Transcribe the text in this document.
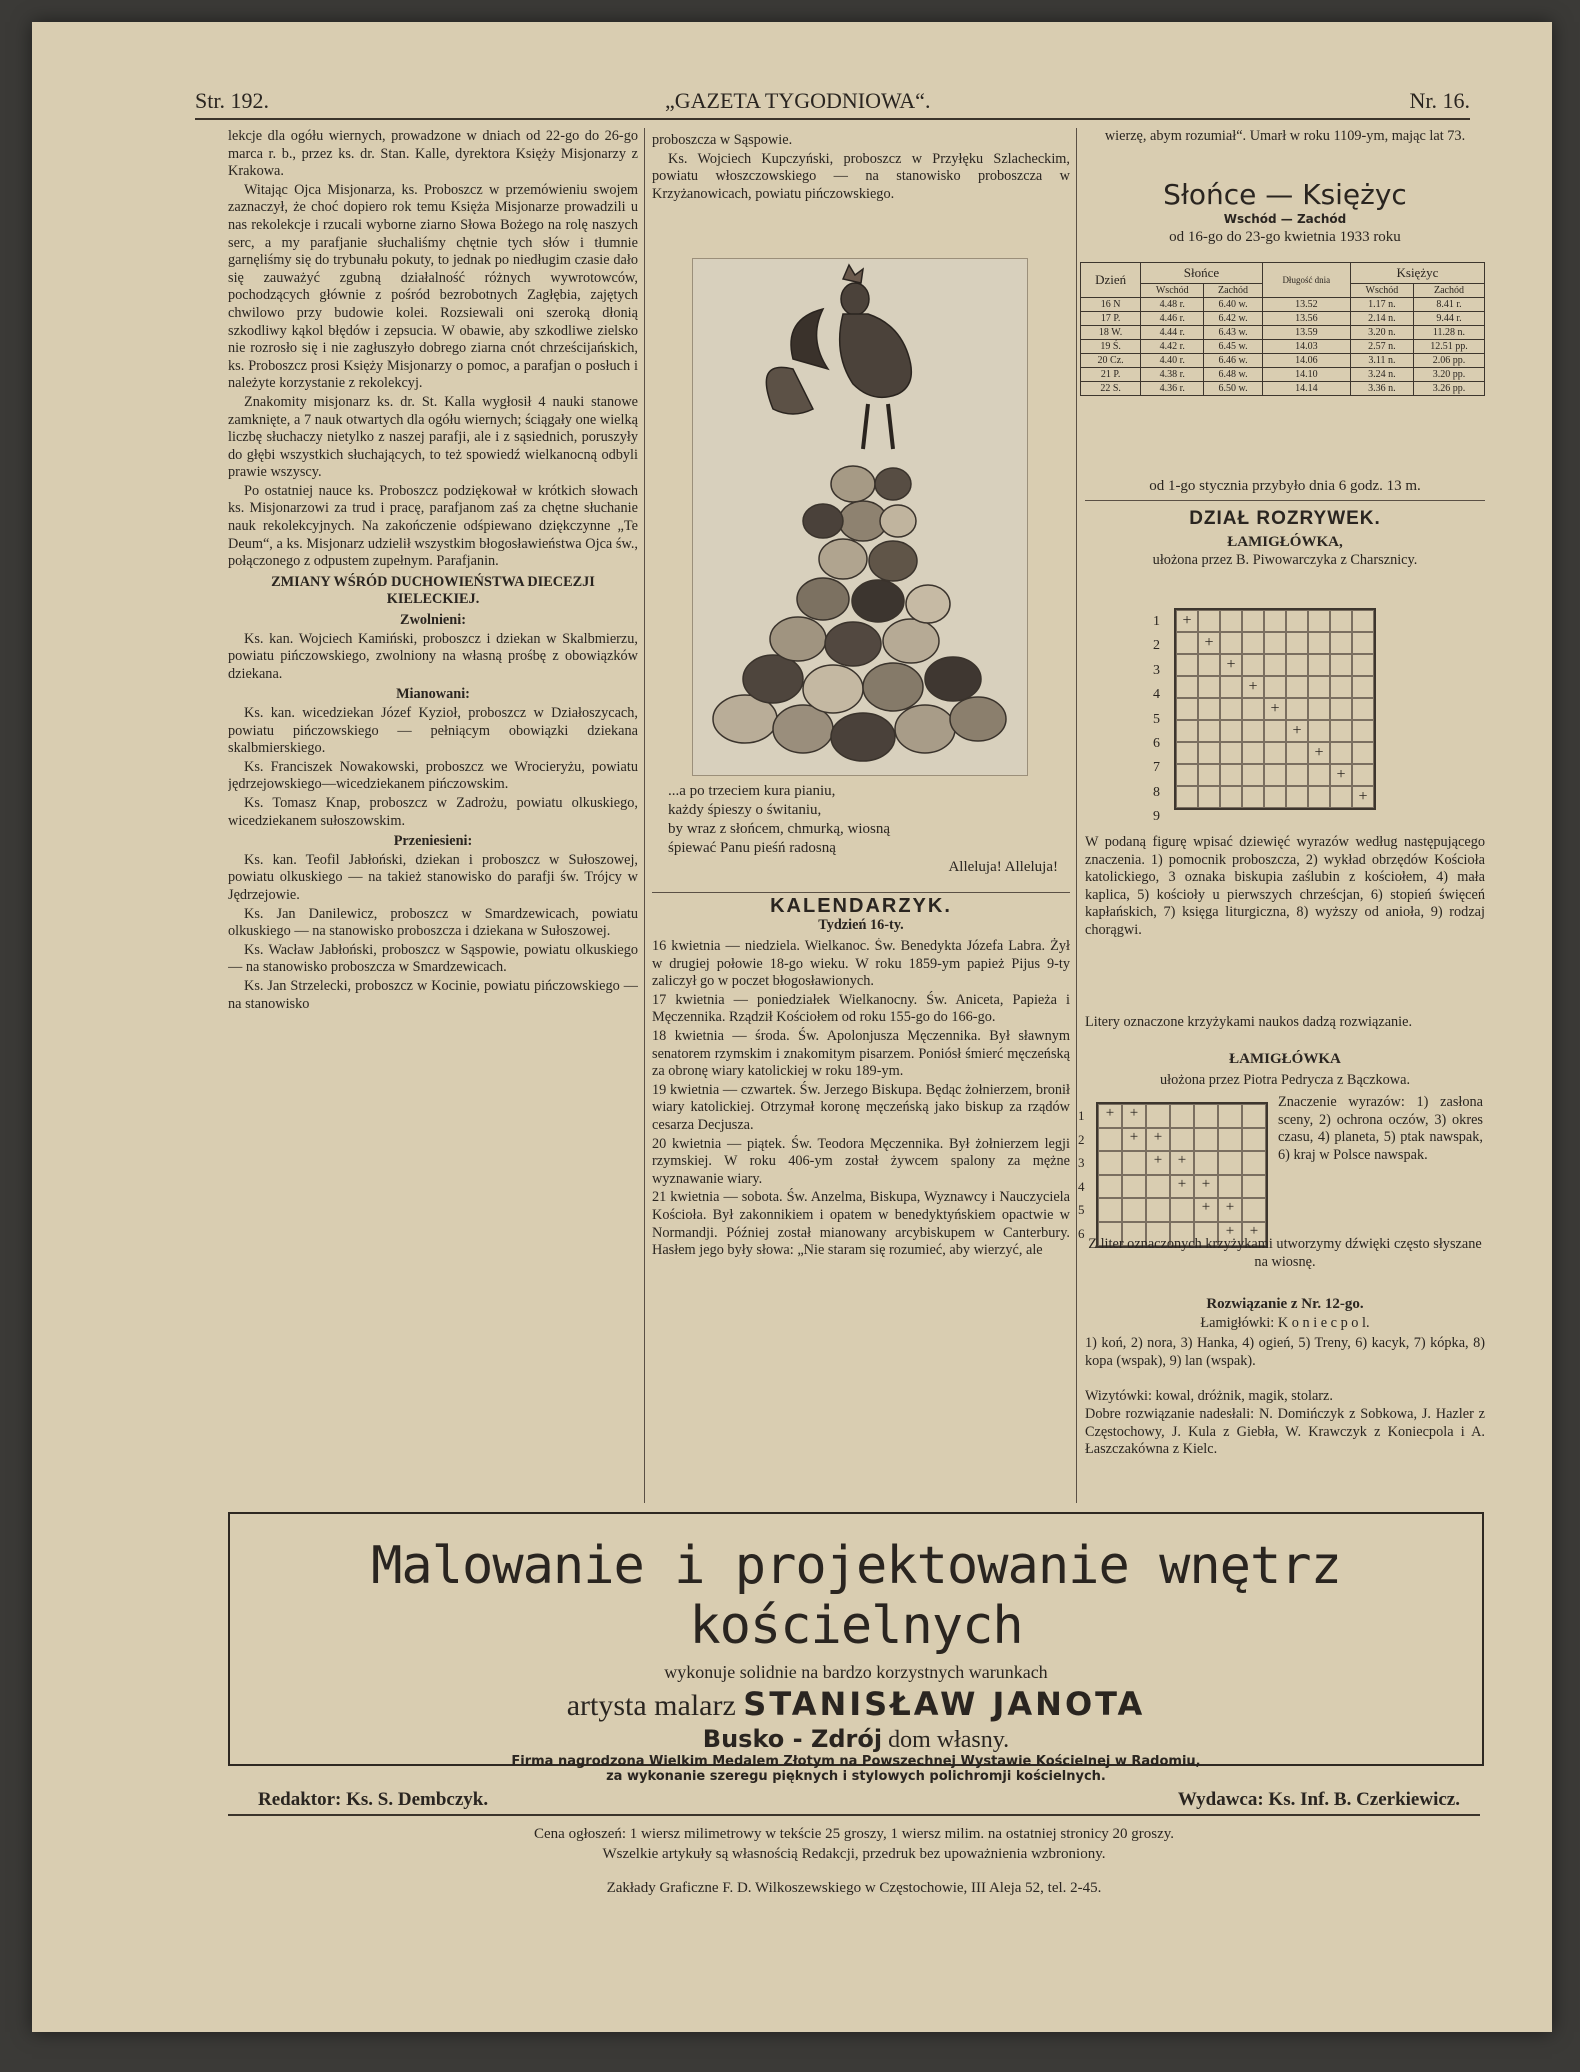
Str. 192.	„GAZETA TYGODNIOWA“.	Nr. 16.

lekcje dla ogółu wiernych, prowadzone w dniach od 22-go do 26-go marca r. b., przez ks. dr. Stan. Kalle, dyrektora Księży Misjonarzy z Krakowa.

Witając Ojca Misjonarza, ks. Proboszcz w przemówieniu swojem zaznaczył, że choć dopiero rok temu Księża Misjonarze prowadzili u nas rekolekcje i rzucali wyborne ziarno Słowa Bożego na rolę naszych serc, a my parafjanie słuchaliśmy chętnie tych słów i tłumnie garnęliśmy się do trybunału pokuty, to jednak po niedługim czasie dało się zauważyć zgubną działalność różnych wywrotowców, pochodzących głównie z pośród bezrobotnych Zagłębia, zajętych chwilowo przy budowie kolei. Rozsiewali oni szeroką dłonią szkodliwy kąkol błędów i zepsucia. W obawie, aby szkodliwe zielsko nie rozrosło się i nie zagłuszyło dobrego ziarna cnót chrześcijańskich, ks. Proboszcz prosi Księży Misjonarzy o pomoc, a parafjan o posłuch i należyte korzystanie z rekolekcyj.

Znakomity misjonarz ks. dr. St. Kalla wygłosił 4 nauki stanowe zamknięte, a 7 nauk otwartych dla ogółu wiernych; ściągały one wielką liczbę słuchaczy nietylko z naszej parafji, ale i z sąsiednich, poruszyły do głębi wszystkich słuchających, to też spowiedź wielkanocną odbyli prawie wszyscy.

Po ostatniej nauce ks. Proboszcz podziękował w krótkich słowach ks. Misjonarzowi za trud i pracę, parafjanom zaś za chętne słuchanie nauk rekolekcyjnych. Na zakończenie odśpiewano dziękczynne „Te Deum“, a ks. Misjonarz udzielił wszystkim błogosławieństwa Ojca św., połączonego z odpustem zupełnym. Parafjanin.

ZMIANY WŚRÓD DUCHOWIEŃSTWA DIECEZJI KIELECKIEJ.

Zwolnieni:

Ks. kan. Wojciech Kamiński, proboszcz i dziekan w Skalbmierzu, powiatu pińczowskiego, zwolniony na własną prośbę z obowiązków dziekana.

Mianowani:

Ks. kan. wicedziekan Józef Kyzioł, proboszcz w Działoszycach, powiatu pińczowskiego — pełniącym obowiązki dziekana skalbmierskiego.

Ks. Franciszek Nowakowski, proboszcz we Wrocieryżu, powiatu jędrzejowskiego—wicedziekanem pińczowskim.

Ks. Tomasz Knap, proboszcz w Zadrożu, powiatu olkuskiego, wicedziekanem sułoszowskim.

Przeniesieni:

Ks. kan. Teofil Jabłoński, dziekan i proboszcz w Sułoszowej, powiatu olkuskiego — na takież stanowisko do parafji św. Trójcy w Jędrzejowie.

Ks. Jan Danilewicz, proboszcz w Smardzewicach, powiatu olkuskiego — na stanowisko proboszcza i dziekana w Sułoszowej.

Ks. Wacław Jabłoński, proboszcz w Sąspowie, powiatu olkuskiego — na stanowisko proboszcza w Smardzewicach.

Ks. Jan Strzelecki, proboszcz w Kocinie, powiatu pińczowskiego — na stanowisko

proboszcza w Sąspowie.

Ks. Wojciech Kupczyński, proboszcz w Przyłęku Szlacheckim, powiatu włoszczowskiego — na stanowisko proboszcza w Krzyżanowicach, powiatu pińczowskiego.

...a po trzeciem kura pianiu,
każdy śpieszy o świtaniu,
by wraz z słońcem, chmurką, wiosną
śpiewać Panu pieśń radosną
Alleluja! Alleluja!
KALENDARZYK.
Tydzień 16-ty.

16 kwietnia — niedziela. Wielkanoc. Św. Benedykta Józefa Labra. Żył w drugiej połowie 18-go wieku. W roku 1859-ym papież Pijus 9-ty zaliczył go w poczet błogosławionych.

17 kwietnia — poniedziałek Wielkanocny. Św. Aniceta, Papieża i Męczennika. Rządził Kościołem od roku 155-go do 166-go.

18 kwietnia — środa. Św. Apolonjusza Męczennika. Był sławnym senatorem rzymskim i znakomitym pisarzem. Poniósł śmierć męczeńską za obronę wiary katolickiej w roku 189-ym.

19 kwietnia — czwartek. Św. Jerzego Biskupa. Będąc żołnierzem, bronił wiary katolickiej. Otrzymał koronę męczeńską jako biskup za rządów cesarza Decjusza.

20 kwietnia — piątek. Św. Teodora Męczennika. Był żołnierzem legji rzymskiej. W roku 406-ym został żywcem spalony za mężne wyznawanie wiary.

21 kwietnia — sobota. Św. Anzelma, Biskupa, Wyznawcy i Nauczyciela Kościoła. Był zakonnikiem i opatem w benedyktyńskiem opactwie w Normandji. Później został mianowany arcybiskupem w Canterbury. Hasłem jego były słowa: „Nie staram się rozumieć, aby wierzyć, ale

wierzę, abym rozumiał“. Umarł w roku 1109-ym, mając lat 73.
Słońce — Księżyc
Wschód — Zachód
od 16-go do 23-go kwietnia 1933 roku
Dzień	Słońce		Długość dnia	Księżyc	
	Wschód	Zachód		Wschód	Zachód
16 N	4.48 r.	6.40 w.	13.52	1.17 n.	8.41 r.
17 P.	4.46 r.	6.42 w.	13.56	2.14 n.	9.44 r.
18 W.	4.44 r.	6.43 w.	13.59	3.20 n.	11.28 n.
19 Ś.	4.42 r.	6.45 w.	14.03	2.57 n.	12.51 pp.
20 Cz.	4.40 r.	6.46 w.	14.06	3.11 n.	2.06 pp.
21 P.	4.38 r.	6.48 w.	14.10	3.24 n.	3.20 pp.
22 S.	4.36 r.	6.50 w.	14.14	3.36 n.	3.26 pp.
od 1-go stycznia przybyło dnia 6 godz. 13 m.
DZIAŁ ROZRYWEK.
ŁAMIGŁÓWKA,
ułożona przez B. Piwowarczyka z Charsznicy.
1
2
3
4
5
6
7
8
9
+
+
+
+
+
+
+
+
+
W podaną figurę wpisać dziewięć wyrazów według następującego znaczenia. 1) pomocnik proboszcza, 2) wykład obrzędów Kościoła katolickiego, 3 oznaka biskupia zaślubin z kościołem, 4) mała kaplica, 5) kościoły u pierwszych chrześcjan, 6) stopień święceń kapłańskich, 7) księga liturgiczna, 8) wyższy od anioła, 9) rodzaj chorągwi.
Litery oznaczone krzyżykami naukos dadzą rozwiązanie.
ŁAMIGŁÓWKA
ułożona przez Piotra Pedrycza z Bączkowa.
1
2
3
4
5
6
+	+
+	+
+	+
+	+
+	+
+	+
Znaczenie wyrazów: 1) zasłona sceny, 2) ochrona oczów, 3) okres czasu, 4) planeta, 5) ptak nawspak, 6) kraj w Polsce nawspak.
Z liter oznaczonych krzyżykami utworzymy dźwięki często słyszane na wiosnę.
Rozwiązanie z Nr. 12-go.
Łamigłówki: K o n i e c p o l.
1) koń, 2) nora, 3) Hanka, 4) ogień, 5) Treny, 6) kacyk, 7) kópka, 8) kopa (wspak), 9) lan (wspak).
Wizytówki: kowal, dróżnik, magik, stolarz.
Dobre rozwiązanie nadesłali: N. Domińczyk z Sobkowa, J. Hazler z Częstochowy, J. Kula z Giebła, W. Krawczyk z Koniecpola i A. Łaszczakówna z Kielc.
Malowanie i projektowanie wnętrz kościelnych
wykonuje solidnie na bardzo korzystnych warunkach
artysta malarz STANISŁAW JANOTA
Busko - Zdrój dom własny.
Firma nagrodzona Wielkim Medalem Złotym na Powszechnej Wystawie Kościelnej w Radomiu,
za wykonanie szeregu pięknych i stylowych polichromji kościelnych.
Redaktor: Ks. S. Dembczyk.	Wydawca: Ks. Inf. B. Czerkiewicz.
Cena ogłoszeń: 1 wiersz milimetrowy w tekście 25 groszy, 1 wiersz milim. na ostatniej stronicy 20 groszy.
Wszelkie artykuły są własnością Redakcji, przedruk bez upoważnienia wzbroniony.
Zakłady Graficzne F. D. Wilkoszewskiego w Częstochowie, III Aleja 52, tel. 2-45.
